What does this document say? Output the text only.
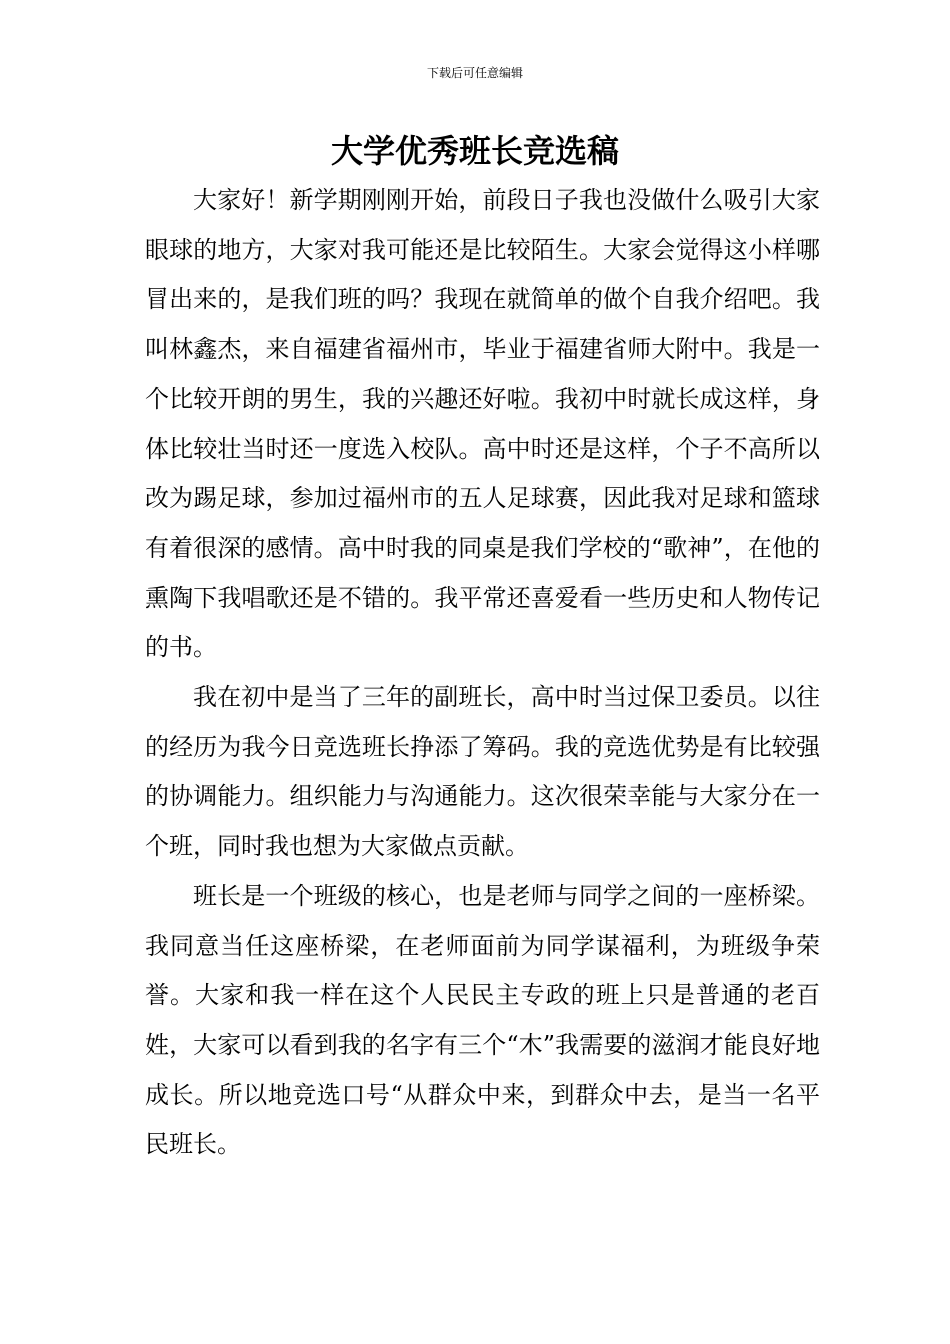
下载后可任意编辑
大学优秀班长竞选稿

大家好！新学期刚刚开始，前段日子我也没做什么吸引大家眼球的地方，大家对我可能还是比较陌生。大家会觉得这小样哪冒出来的，是我们班的吗？我现在就简单的做个自我介绍吧。我叫林鑫杰，来自福建省福州市，毕业于福建省师大附中。我是一个比较开朗的男生，我的兴趣还好啦。我初中时就长成这样，身体比较壮当时还一度选入校队。高中时还是这样，个子不高所以改为踢足球，参加过福州市的五人足球赛，因此我对足球和篮球有着很深的感情。高中时我的同桌是我们学校的“歌神”，在他的熏陶下我唱歌还是不错的。我平常还喜爱看一些历史和人物传记的书。

我在初中是当了三年的副班长，高中时当过保卫委员。以往的经历为我今日竞选班长挣添了筹码。我的竞选优势是有比较强的协调能力。组织能力与沟通能力。这次很荣幸能与大家分在一个班，同时我也想为大家做点贡献。

班长是一个班级的核心，也是老师与同学之间的一座桥梁。我同意当任这座桥梁，在老师面前为同学谋福利，为班级争荣誉。大家和我一样在这个人民民主专政的班上只是普通的老百姓，大家可以看到我的名字有三个“木”我需要的滋润才能良好地成长。所以地竞选口号“从群众中来，到群众中去，是当一名平民班长。
